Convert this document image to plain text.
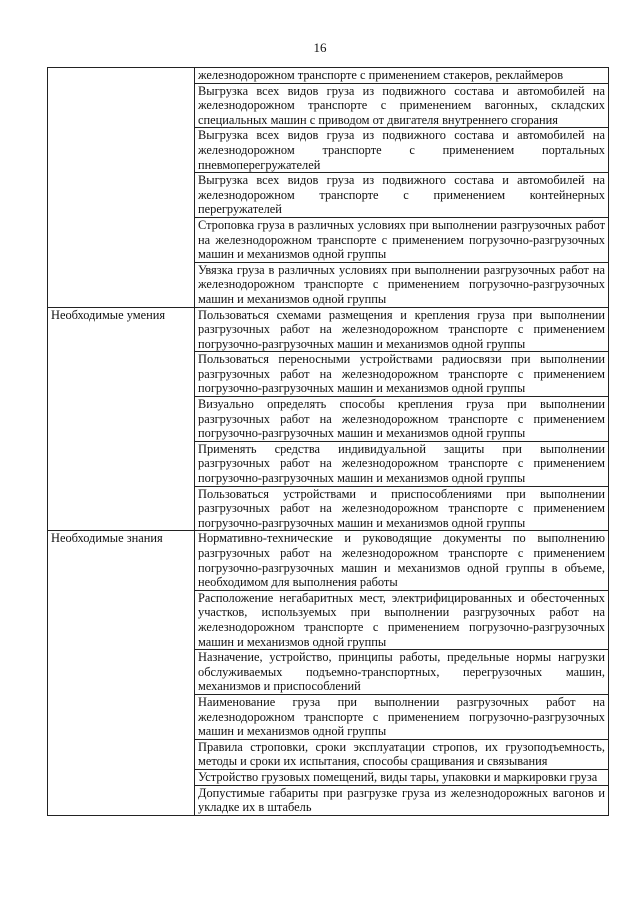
16
	железнодорожном транспорте с применением стакеров, реклаймеров
	Выгрузка всех видов груза из подвижного состава и автомобилей на железнодорожном транспорте с применением вагонных, складских специальных машин с приводом от двигателя внутреннего сгорания
	Выгрузка всех видов груза из подвижного состава и автомобилей на железнодорожном транспорте с применением портальных пневмоперегружателей
	Выгрузка всех видов груза из подвижного состава и автомобилей на железнодорожном транспорте с применением контейнерных перегружателей
	Строповка груза в различных условиях при выполнении разгрузочных работ на железнодорожном транспорте с применением погрузочно-разгрузочных машин и механизмов одной группы
	Увязка груза в различных условиях при выполнении разгрузочных работ на железнодорожном транспорте с применением погрузочно-разгрузочных машин и механизмов одной группы
Необходимые умения	Пользоваться схемами размещения и крепления груза при выполнении разгрузочных работ на железнодорожном транспорте с применением погрузочно-разгрузочных машин и механизмов одной группы
	Пользоваться переносными устройствами радиосвязи при выполнении разгрузочных работ на железнодорожном транспорте с применением погрузочно-разгрузочных машин и механизмов одной группы
	Визуально определять способы крепления груза при выполнении разгрузочных работ на железнодорожном транспорте с применением погрузочно-разгрузочных машин и механизмов одной группы
	Применять средства индивидуальной защиты при выполнении разгрузочных работ на железнодорожном транспорте с применением погрузочно-разгрузочных машин и механизмов одной группы
	Пользоваться устройствами и приспособлениями при выполнении разгрузочных работ на железнодорожном транспорте с применением погрузочно-разгрузочных машин и механизмов одной группы
Необходимые знания	Нормативно-технические и руководящие документы по выполнению разгрузочных работ на железнодорожном транспорте с применением погрузочно-разгрузочных машин и механизмов одной группы в объеме, необходимом для выполнения работы
	Расположение негабаритных мест, электрифицированных и обесточенных участков, используемых при выполнении разгрузочных работ на железнодорожном транспорте с применением погрузочно-разгрузочных машин и механизмов одной группы
	Назначение, устройство, принципы работы, предельные нормы нагрузки обслуживаемых подъемно-транспортных, перегрузочных машин, механизмов и приспособлений
	Наименование груза при выполнении разгрузочных работ на железнодорожном транспорте с применением погрузочно-разгрузочных машин и механизмов одной группы
	Правила строповки, сроки эксплуатации стропов, их грузоподъемность, методы и сроки их испытания, способы сращивания и связывания
	Устройство грузовых помещений, виды тары, упаковки и маркировки груза
	Допустимые габариты при разгрузке груза из железнодорожных вагонов и укладке их в штабель
